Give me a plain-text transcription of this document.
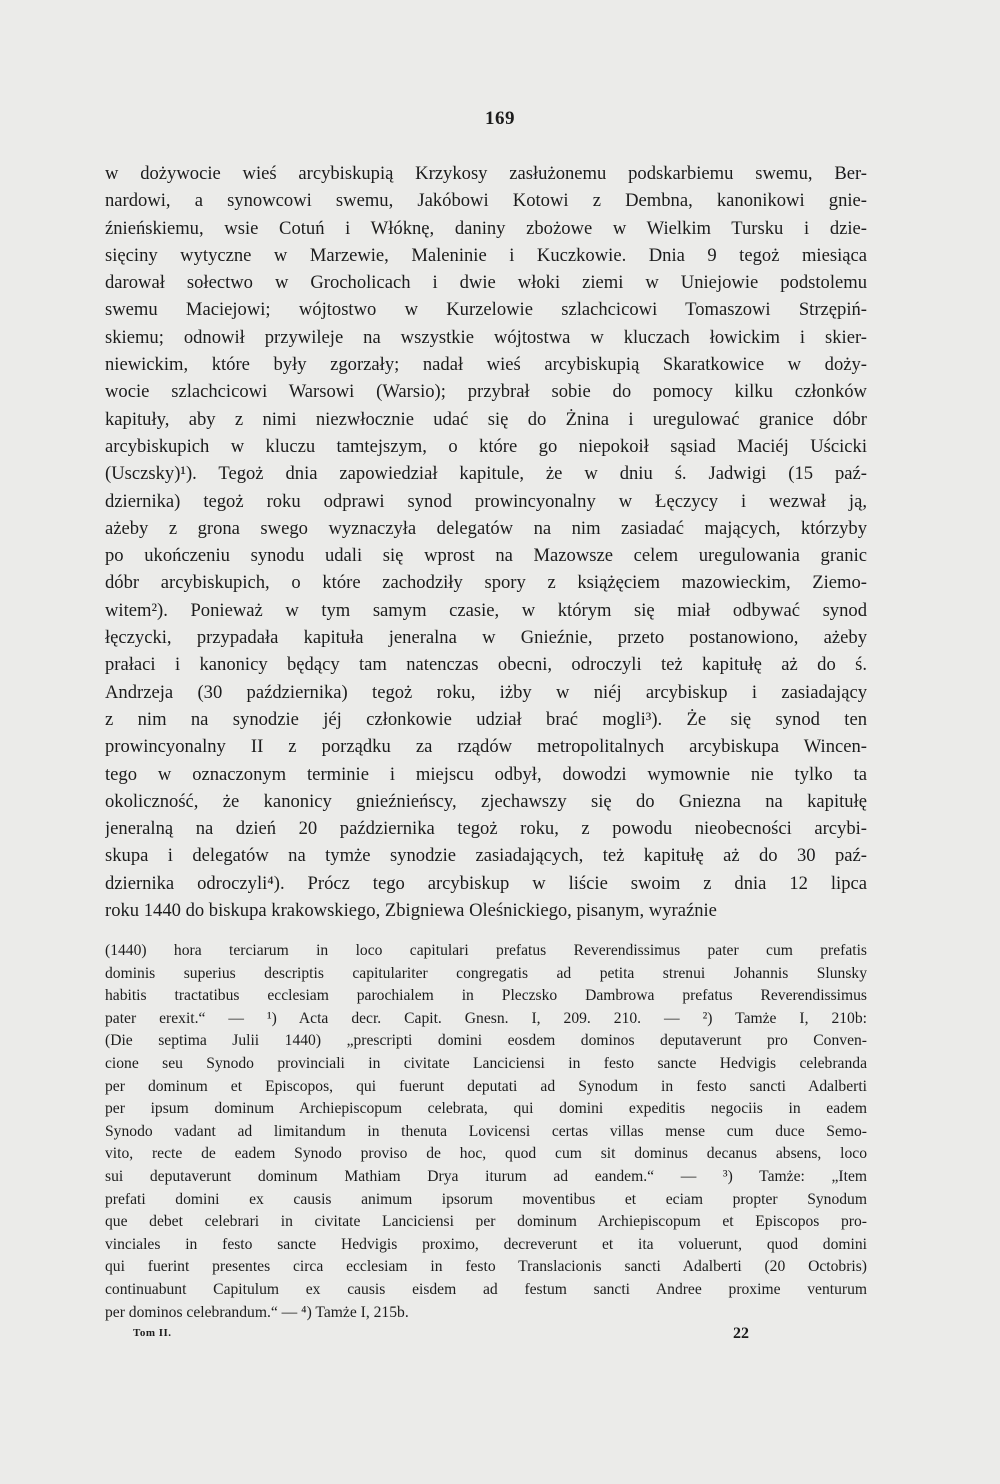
169
w dożywocie wieś arcybiskupią Krzykosy zasłużonemu podskarbiemu swemu, Ber-
nardowi, a synowcowi swemu, Jakóbowi Kotowi z Dembna, kanonikowi gnie-
źnieńskiemu, wsie Cotuń i Włóknę, daniny zbożowe w Wielkim Tursku i dzie-
sięciny wytyczne w Marzewie, Maleninie i Kuczkowie. Dnia 9 tegoż miesiąca
darował sołectwo w Grocholicach i dwie włoki ziemi w Uniejowie podstolemu
swemu Maciejowi; wójtostwo w Kurzelowie szlachcicowi Tomaszowi Strzępiń-
skiemu; odnowił przywileje na wszystkie wójtostwa w kluczach łowickim i skier-
niewickim, które były zgorzały; nadał wieś arcybiskupią Skaratkowice w doży-
wocie szlachcicowi Warsowi (Warsio); przybrał sobie do pomocy kilku członków
kapituły, aby z nimi niezwłocznie udać się do Żnina i uregulować granice dóbr
arcybiskupich w kluczu tamtejszym, o które go niepokoił sąsiad Maciéj Uścicki
(Usczsky)¹). Tegoż dnia zapowiedział kapitule, że w dniu ś. Jadwigi (15 paź-
dziernika) tegoż roku odprawi synod prowincyonalny w Łęczycy i wezwał ją,
ażeby z grona swego wyznaczyła delegatów na nim zasiadać mających, którzyby
po ukończeniu synodu udali się wprost na Mazowsze celem uregulowania granic
dóbr arcybiskupich, o które zachodziły spory z książęciem mazowieckim, Ziemo-
witem²). Ponieważ w tym samym czasie, w którym się miał odbywać synod
łęczycki, przypadała kapituła jeneralna w Gnieźnie, przeto postanowiono, ażeby
prałaci i kanonicy będący tam natenczas obecni, odroczyli też kapitułę aż do ś.
Andrzeja (30 października) tegoż roku, iżby w niéj arcybiskup i zasiadający
z nim na synodzie jéj członkowie udział brać mogli³). Że się synod ten
prowincyonalny II z porządku za rządów metropolitalnych arcybiskupa Wincen-
tego w oznaczonym terminie i miejscu odbył, dowodzi wymownie nie tylko ta
okoliczność, że kanonicy gnieźnieńscy, zjechawszy się do Gniezna na kapitułę
jeneralną na dzień 20 października tegoż roku, z powodu nieobecności arcybi-
skupa i delegatów na tymże synodzie zasiadających, też kapitułę aż do 30 paź-
dziernika odroczyli⁴). Prócz tego arcybiskup w liście swoim z dnia 12 lipca
roku 1440 do biskupa krakowskiego, Zbigniewa Oleśnickiego, pisanym, wyraźnie
(1440) hora terciarum in loco capitulari prefatus Reverendissimus pater cum prefatis
dominis superius descriptis capitulariter congregatis ad petita strenui Johannis Slunsky
habitis tractatibus ecclesiam parochialem in Pleczsko Dambrowa prefatus Reverendissimus
pater erexit.“ — ¹) Acta decr. Capit. Gnesn. I, 209. 210. — ²) Tamże I, 210b:
(Die septima Julii 1440) „prescripti domini eosdem dominos deputaverunt pro Conven-
cione seu Synodo provinciali in civitate Lanciciensi in festo sancte Hedvigis celebranda
per dominum et Episcopos, qui fuerunt deputati ad Synodum in festo sancti Adalberti
per ipsum dominum Archiepiscopum celebrata, qui domini expeditis negociis in eadem
Synodo vadant ad limitandum in thenuta Lovicensi certas villas mense cum duce Semo-
vito, recte de eadem Synodo proviso de hoc, quod cum sit dominus decanus absens, loco
sui deputaverunt dominum Mathiam Drya iturum ad eandem.“ — ³) Tamże: „Item
prefati domini ex causis animum ipsorum moventibus et eciam propter Synodum
que debet celebrari in civitate Lanciciensi per dominum Archiepiscopum et Episcopos pro-
vinciales in festo sancte Hedvigis proximo, decreverunt et ita voluerunt, quod domini
qui fuerint presentes circa ecclesiam in festo Translacionis sancti Adalberti (20 Octobris)
continuabunt Capitulum ex causis eisdem ad festum sancti Andree proxime venturum
per dominos celebrandum.“ — ⁴) Tamże I, 215b.
Tom II.	22
